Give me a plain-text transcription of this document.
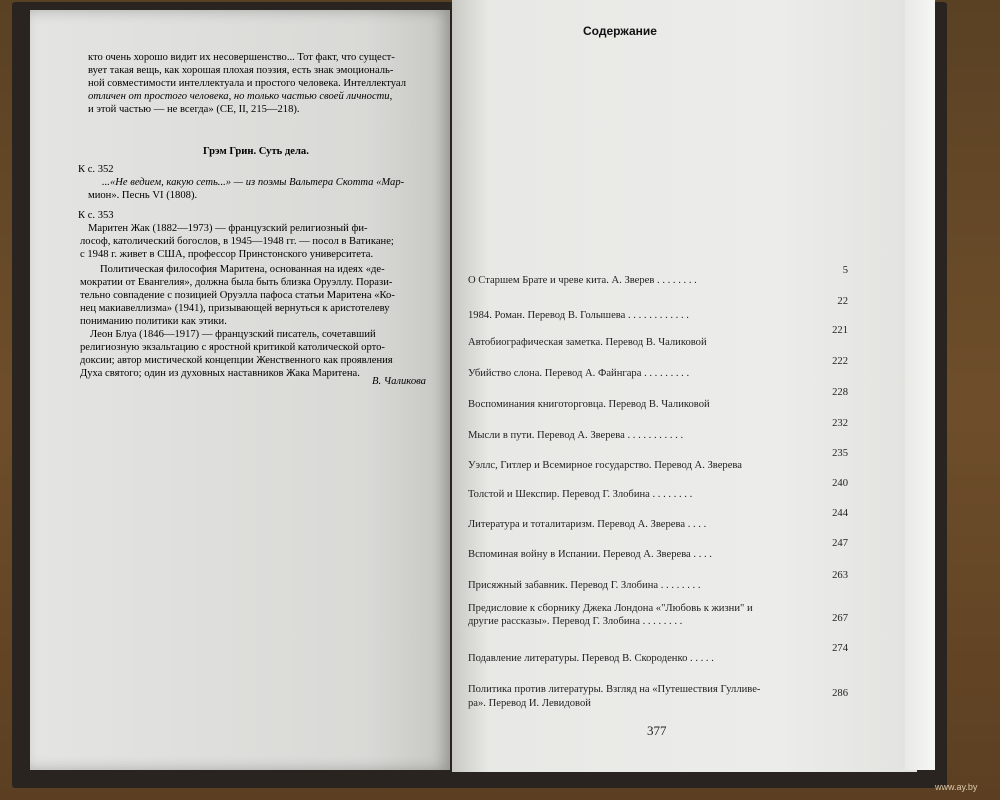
кто очень хорошо видит их несовершенство... Тот факт, что сущест-
вует такая вещь, как хорошая плохая поэзия, есть знак эмоциональ-
ной совместимости интеллектуала и простого человека. Интеллектуал
отличен от простого человека, но только частью своей личности,
и этой частью — не всегда» (CE, II, 215—218).
Грэм Грин. Суть дела.
К с. 352
...«Не ведием, какую сеть...» — из поэмы Вальтера Скотта «Мар-
мион». Песнь VI (1808).
К с. 353
Маритен Жак (1882—1973) — французский религиозный фи-
лософ, католический богослов, в 1945—1948 гг. — посол в Ватикане;
с 1948 г. живет в США, профессор Принстонского университета.
Политическая философия Маритена, основанная на идеях «де-
мократии от Евангелия», должна была быть близка Оруэллу. Порази-
тельно совпадение с позицией Оруэлла пафоса статьи Маритена «Ко-
нец макиавеллизма» (1941), призывающей вернуться к аристотелеву
пониманию политики как этики.
Леон Блуа (1846—1917) — французский писатель, сочетавший
религиозную экзальтацию с яростной критикой католической орто-
доксии; автор мистической концепции Женственного как проявления
Духа святого; один из духовных наставников Жака Маритена.
В. Чаликова
Содержание
О Старшем Брате и чреве кита. А. Зверев . . . . . . . .
5
1984. Роман. Перевод В. Голышева . . . . . . . . . . . .
22
Автобиографическая заметка. Перевод В. Чаликовой
221
Убийство слона. Перевод А. Файнгара . . . . . . . . .
222
Воспоминания книготорговца. Перевод В. Чаликовой
228
Мысли в пути. Перевод А. Зверева . . . . . . . . . . .
232
Уэллс, Гитлер и Всемирное государство. Перевод А. Зверева
235
Толстой и Шекспир. Перевод Г. Злобина . . . . . . . .
240
Литература и тоталитаризм. Перевод А. Зверева . . . .
244
Вспоминая войну в Испании. Перевод А. Зверева . . . .
247
Присяжный забавник. Перевод Г. Злобина . . . . . . . .
263
Предисловие к сборнику Джека Лондона «"Любовь к жизни" и
другие рассказы». Перевод Г. Злобина . . . . . . . .	267
Подавление литературы. Перевод В. Скороденко . . . . .
274
Политика против литературы. Взгляд на «Путешествия Гулливе-
ра». Перевод И. Левидовой
286
377
www.ay.by
